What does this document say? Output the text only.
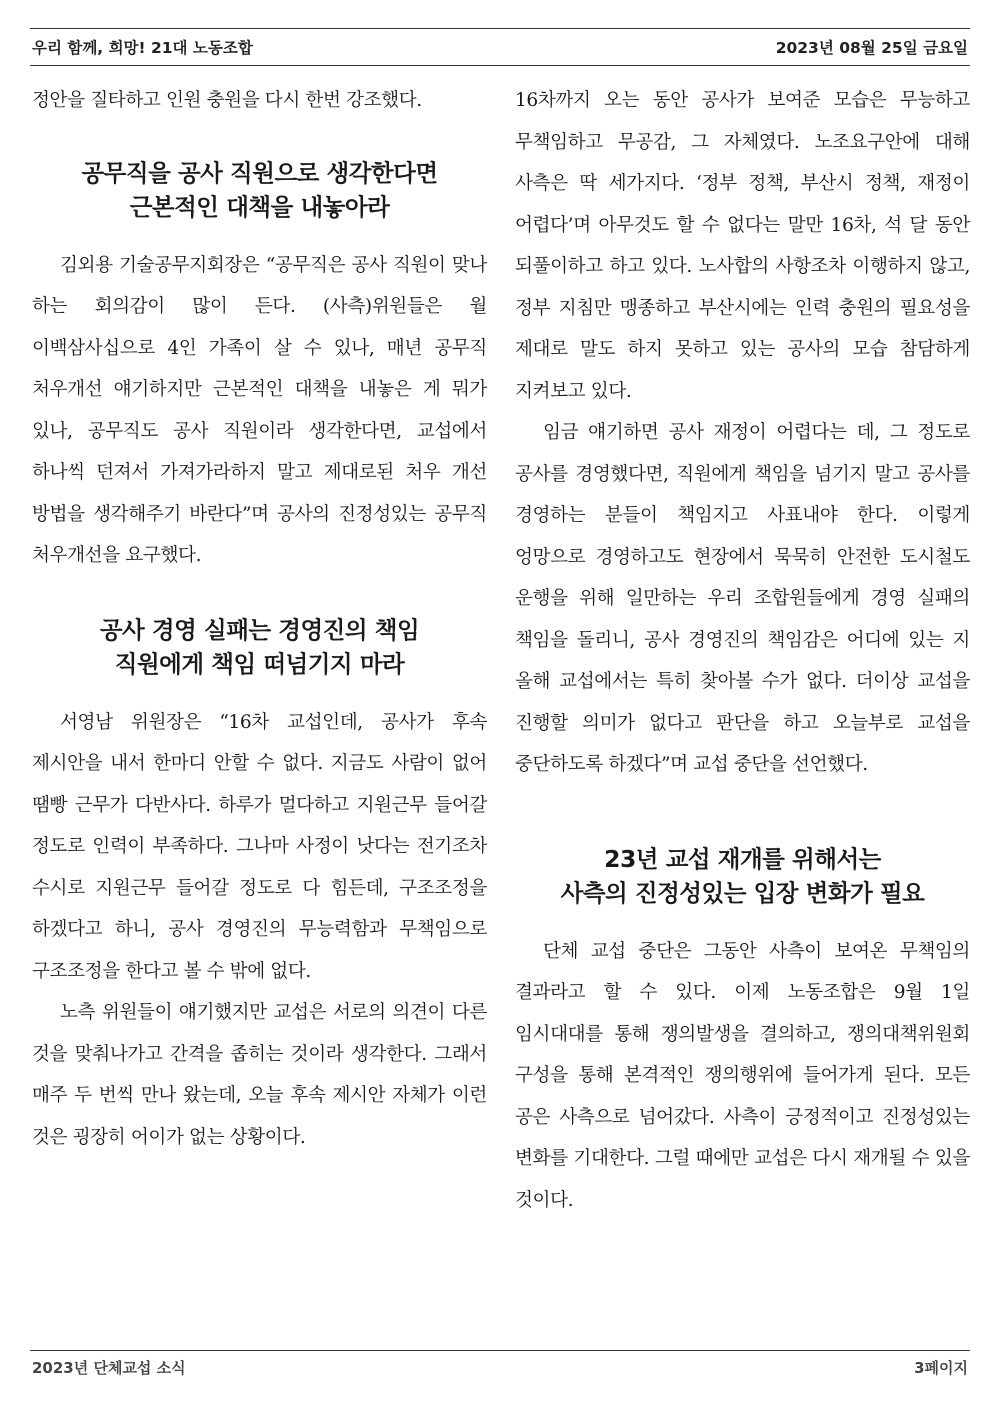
우리 함께, 희망! 21대 노동조합	2023년 08월 25일 금요일

정안을 질타하고 인원 충원을 다시 한번 강조했다.

공무직을 공사 직원으로 생각한다면
근본적인 대책을 내놓아라

김외용 기술공무지회장은 “공무직은 공사 직원이 맞나 하는 회의감이 많이 든다. (사측)위원들은 월 이백삼사십으로 4인 가족이 살 수 있나, 매년 공무직 처우개선 얘기하지만 근본적인 대책을 내놓은 게 뭐가 있나, 공무직도 공사 직원이라 생각한다면, 교섭에서 하나씩 던져서 가져가라하지 말고 제대로된 처우 개선 방법을 생각해주기 바란다”며 공사의 진정성있는 공무직 처우개선을 요구했다.

공사 경영 실패는 경영진의 책임
직원에게 책임 떠넘기지 마라

서영남 위원장은 “16차 교섭인데, 공사가 후속 제시안을 내서 한마디 안할 수 없다. 지금도 사람이 없어 땜빵 근무가 다반사다. 하루가 멀다하고 지원근무 들어갈 정도로 인력이 부족하다. 그나마 사정이 낫다는 전기조차 수시로 지원근무 들어갈 정도로 다 힘든데, 구조조정을 하겠다고 하니, 공사 경영진의 무능력함과 무책임으로 구조조정을 한다고 볼 수 밖에 없다.

노측 위원들이 얘기했지만 교섭은 서로의 의견이 다른 것을 맞춰나가고 간격을 좁히는 것이라 생각한다. 그래서 매주 두 번씩 만나 왔는데, 오늘 후속 제시안 자체가 이런 것은 굉장히 어이가 없는 상황이다.

16차까지 오는 동안 공사가 보여준 모습은 무능하고 무책임하고 무공감, 그 자체였다. 노조요구안에 대해 사측은 딱 세가지다. ‘정부 정책, 부산시 정책, 재정이 어렵다’며 아무것도 할 수 없다는 말만 16차, 석 달 동안 되풀이하고 하고 있다. 노사합의 사항조차 이행하지 않고, 정부 지침만 맹종하고 부산시에는 인력 충원의 필요성을 제대로 말도 하지 못하고 있는 공사의 모습 참담하게 지켜보고 있다.

임금 얘기하면 공사 재정이 어렵다는 데, 그 정도로 공사를 경영했다면, 직원에게 책임을 넘기지 말고 공사를 경영하는 분들이 책임지고 사표내야 한다. 이렇게 엉망으로 경영하고도 현장에서 묵묵히 안전한 도시철도 운행을 위해 일만하는 우리 조합원들에게 경영 실패의 책임을 돌리니, 공사 경영진의 책임감은 어디에 있는 지 올해 교섭에서는 특히 찾아볼 수가 없다. 더이상 교섭을 진행할 의미가 없다고 판단을 하고 오늘부로 교섭을 중단하도록 하겠다”며 교섭 중단을 선언했다.

23년 교섭 재개를 위해서는
사측의 진정성있는 입장 변화가 필요

단체 교섭 중단은 그동안 사측이 보여온 무책임의 결과라고 할 수 있다. 이제 노동조합은 9월 1일 임시대대를 통해 쟁의발생을 결의하고, 쟁의대책위원회 구성을 통해 본격적인 쟁의행위에 들어가게 된다. 모든 공은 사측으로 넘어갔다. 사측이 긍정적이고 진정성있는 변화를 기대한다. 그럴 때에만 교섭은 다시 재개될 수 있을 것이다.

2023년 단체교섭 소식	3페이지
